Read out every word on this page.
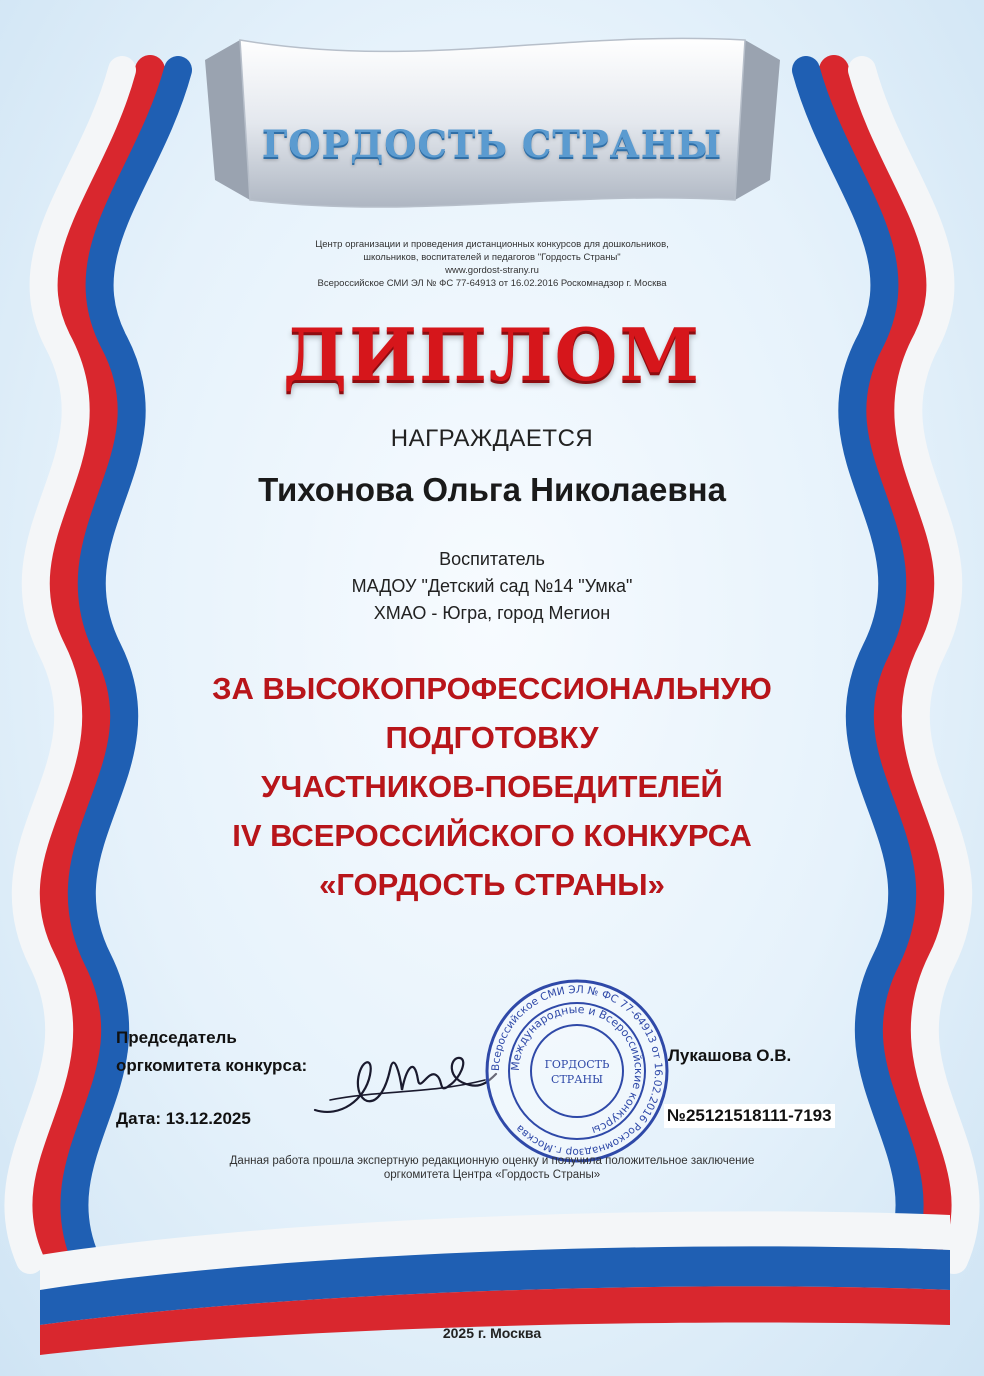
ГОРДОСТЬ СТРАНЫ
Центр организации и проведения дистанционных конкурсов для дошкольников,
школьников, воспитателей и педагогов "Гордость Страны"
www.gordost-strany.ru
Всероссийское СМИ ЭЛ № ФС 77-64913 от 16.02.2016 Роскомнадзор г. Москва
ДИПЛОМ
НАГРАЖДАЕТСЯ
Тихонова Ольга Николаевна
Воспитатель
МАДОУ "Детский сад №14 "Умка"
ХМАО - Югра, город Мегион
ЗА ВЫСОКОПРОФЕССИОНАЛЬНУЮ
ПОДГОТОВКУ
УЧАСТНИКОВ-ПОБЕДИТЕЛЕЙ
IV ВСЕРОССИЙСКОГО КОНКУРСА
«ГОРДОСТЬ СТРАНЫ»
Председатель
оргкомитета конкурса:	Всероссийское СМИ ЭЛ № ФС 77-64913 от 16.02.2016 Роскомнадзор г.Москва
Международные и Всероссийские конкурсы
ГОРДОСТЬ
СТРАНЫ
Лукашова О.В.
Дата: 13.12.2025	№25121518111-7193
Данная работа прошла экспертную редакционную оценку и получила положительное заключение
оргкомитета Центра «Гордость Страны»
2025 г. Москва
